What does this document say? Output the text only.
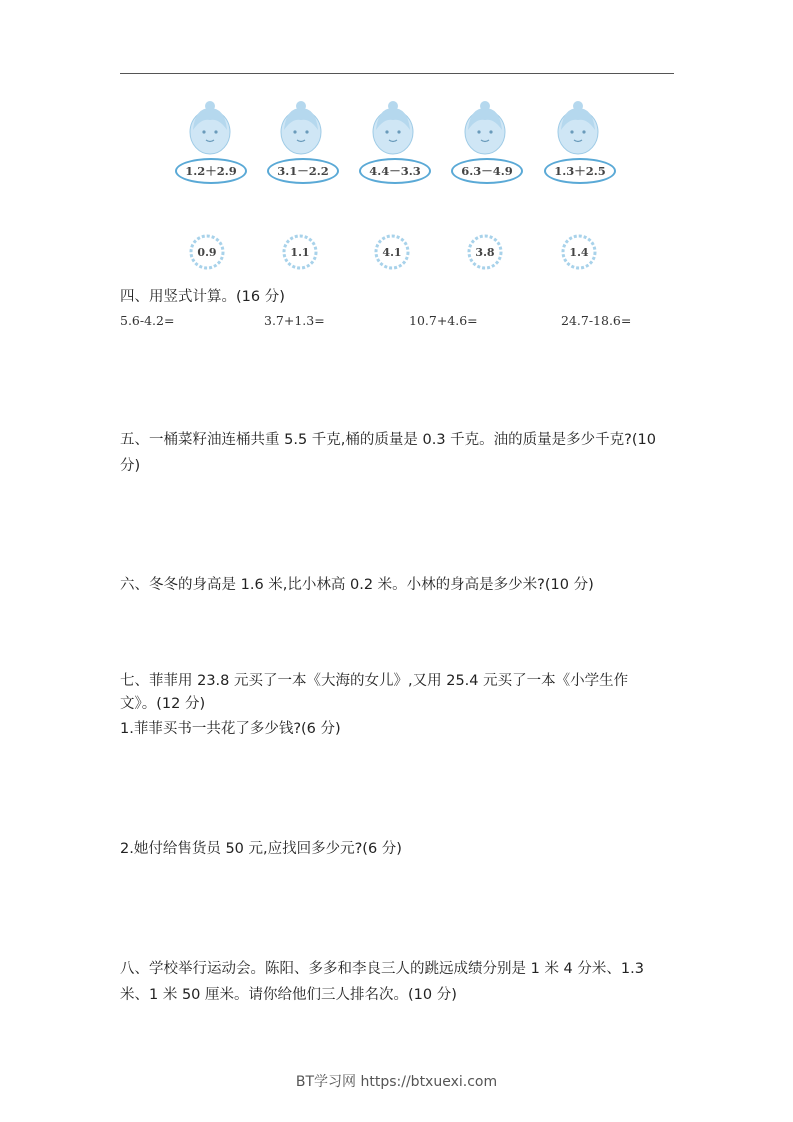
1.2＋2.9	3.1－2.2	4.4－3.3	6.3－4.9	1.3＋2.5
0.9	1.1	4.1	3.8	1.4
四、用竖式计算。(16 分)
5.6-4.2=	3.7+1.3=	10.7+4.6=	24.7-18.6=
五、一桶菜籽油连桶共重 5.5 千克,桶的质量是 0.3 千克。油的质量是多少千克?(10
分)
六、冬冬的身高是 1.6 米,比小林高 0.2 米。小林的身高是多少米?(10 分)
七、菲菲用 23.8 元买了一本《大海的女儿》,又用 25.4 元买了一本《小学生作
文》。(12 分)
1.菲菲买书一共花了多少钱?(6 分)
2.她付给售货员 50 元,应找回多少元?(6 分)
八、学校举行运动会。陈阳、多多和李良三人的跳远成绩分别是 1 米 4 分米、1.3
米、1 米 50 厘米。请你给他们三人排名次。(10 分)
BT学习网 https://btxuexi.com
